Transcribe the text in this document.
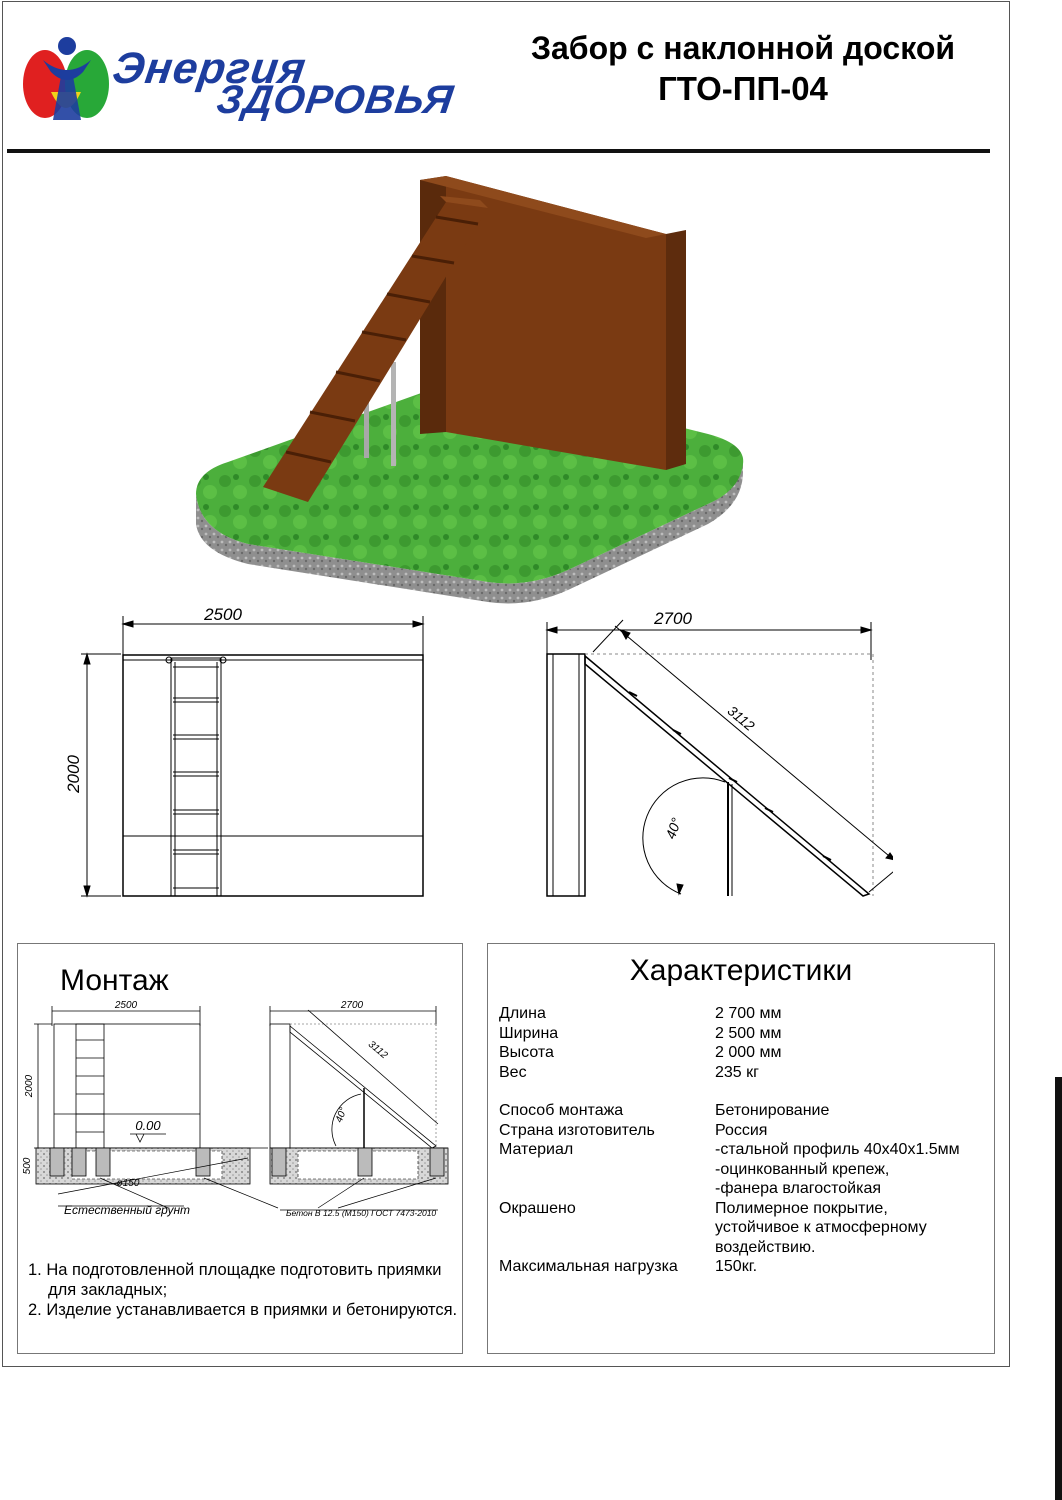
Энергия
ЗДОРОВЬЯ
Забор с наклонной доской
ГТО-ПП-04
2500
2000
2700
3112
40°
Монтаж
2500	2700
2000
3112
40°
0.00
500
ø150
Естественный грунт	Бетон В 12.5 (М150) ГОСТ 7473-2010
1. На подготовленной площадке подготовить приямки для закладных;
2. Изделие устанавливается в приямки и бетонируются.
Характеристики
Длина	2 700 мм
Ширина	2 500 мм
Высота	2 000 мм
Вес	235 кг
Способ монтажа	Бетонирование
Страна изготовитель	Россия
Материал	-стальной профиль 40х40х1.5мм
-оцинкованный крепеж,
-фанера влагостойкая
Окрашено	Полимерное покрытие,
устойчивое к атмосферному
воздействию.
Максимальная нагрузка	150кг.
